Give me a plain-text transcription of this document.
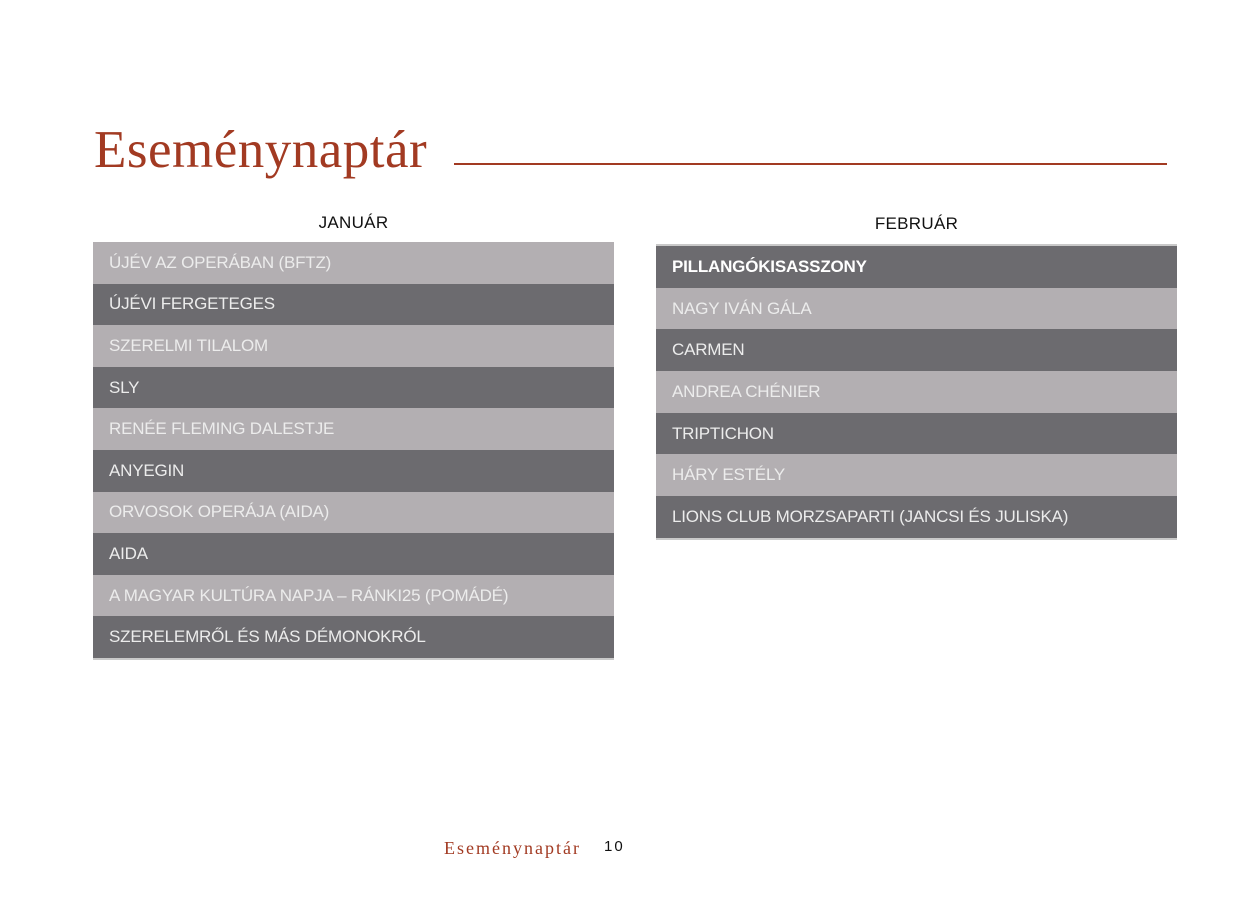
Eseménynaptár
JANUÁR
ÚJÉV AZ OPERÁBAN (BFTZ)
ÚJÉVI FERGETEGES
SZERELMI TILALOM
SLY
RENÉE FLEMING DALESTJE
ANYEGIN
ORVOSOK OPERÁJA (AIDA)
AIDA
A MAGYAR KULTÚRA NAPJA – RÁNKI25 (POMÁDÉ)
SZERELEMRŐL ÉS MÁS DÉMONOKRÓL
FEBRUÁR
PILLANGÓKISASSZONY
NAGY IVÁN GÁLA
CARMEN
ANDREA CHÉNIER
TRIPTICHON
HÁRY ESTÉLY
LIONS CLUB MORZSAPARTI (JANCSI ÉS JULISKA)
Eseménynaptár 10
